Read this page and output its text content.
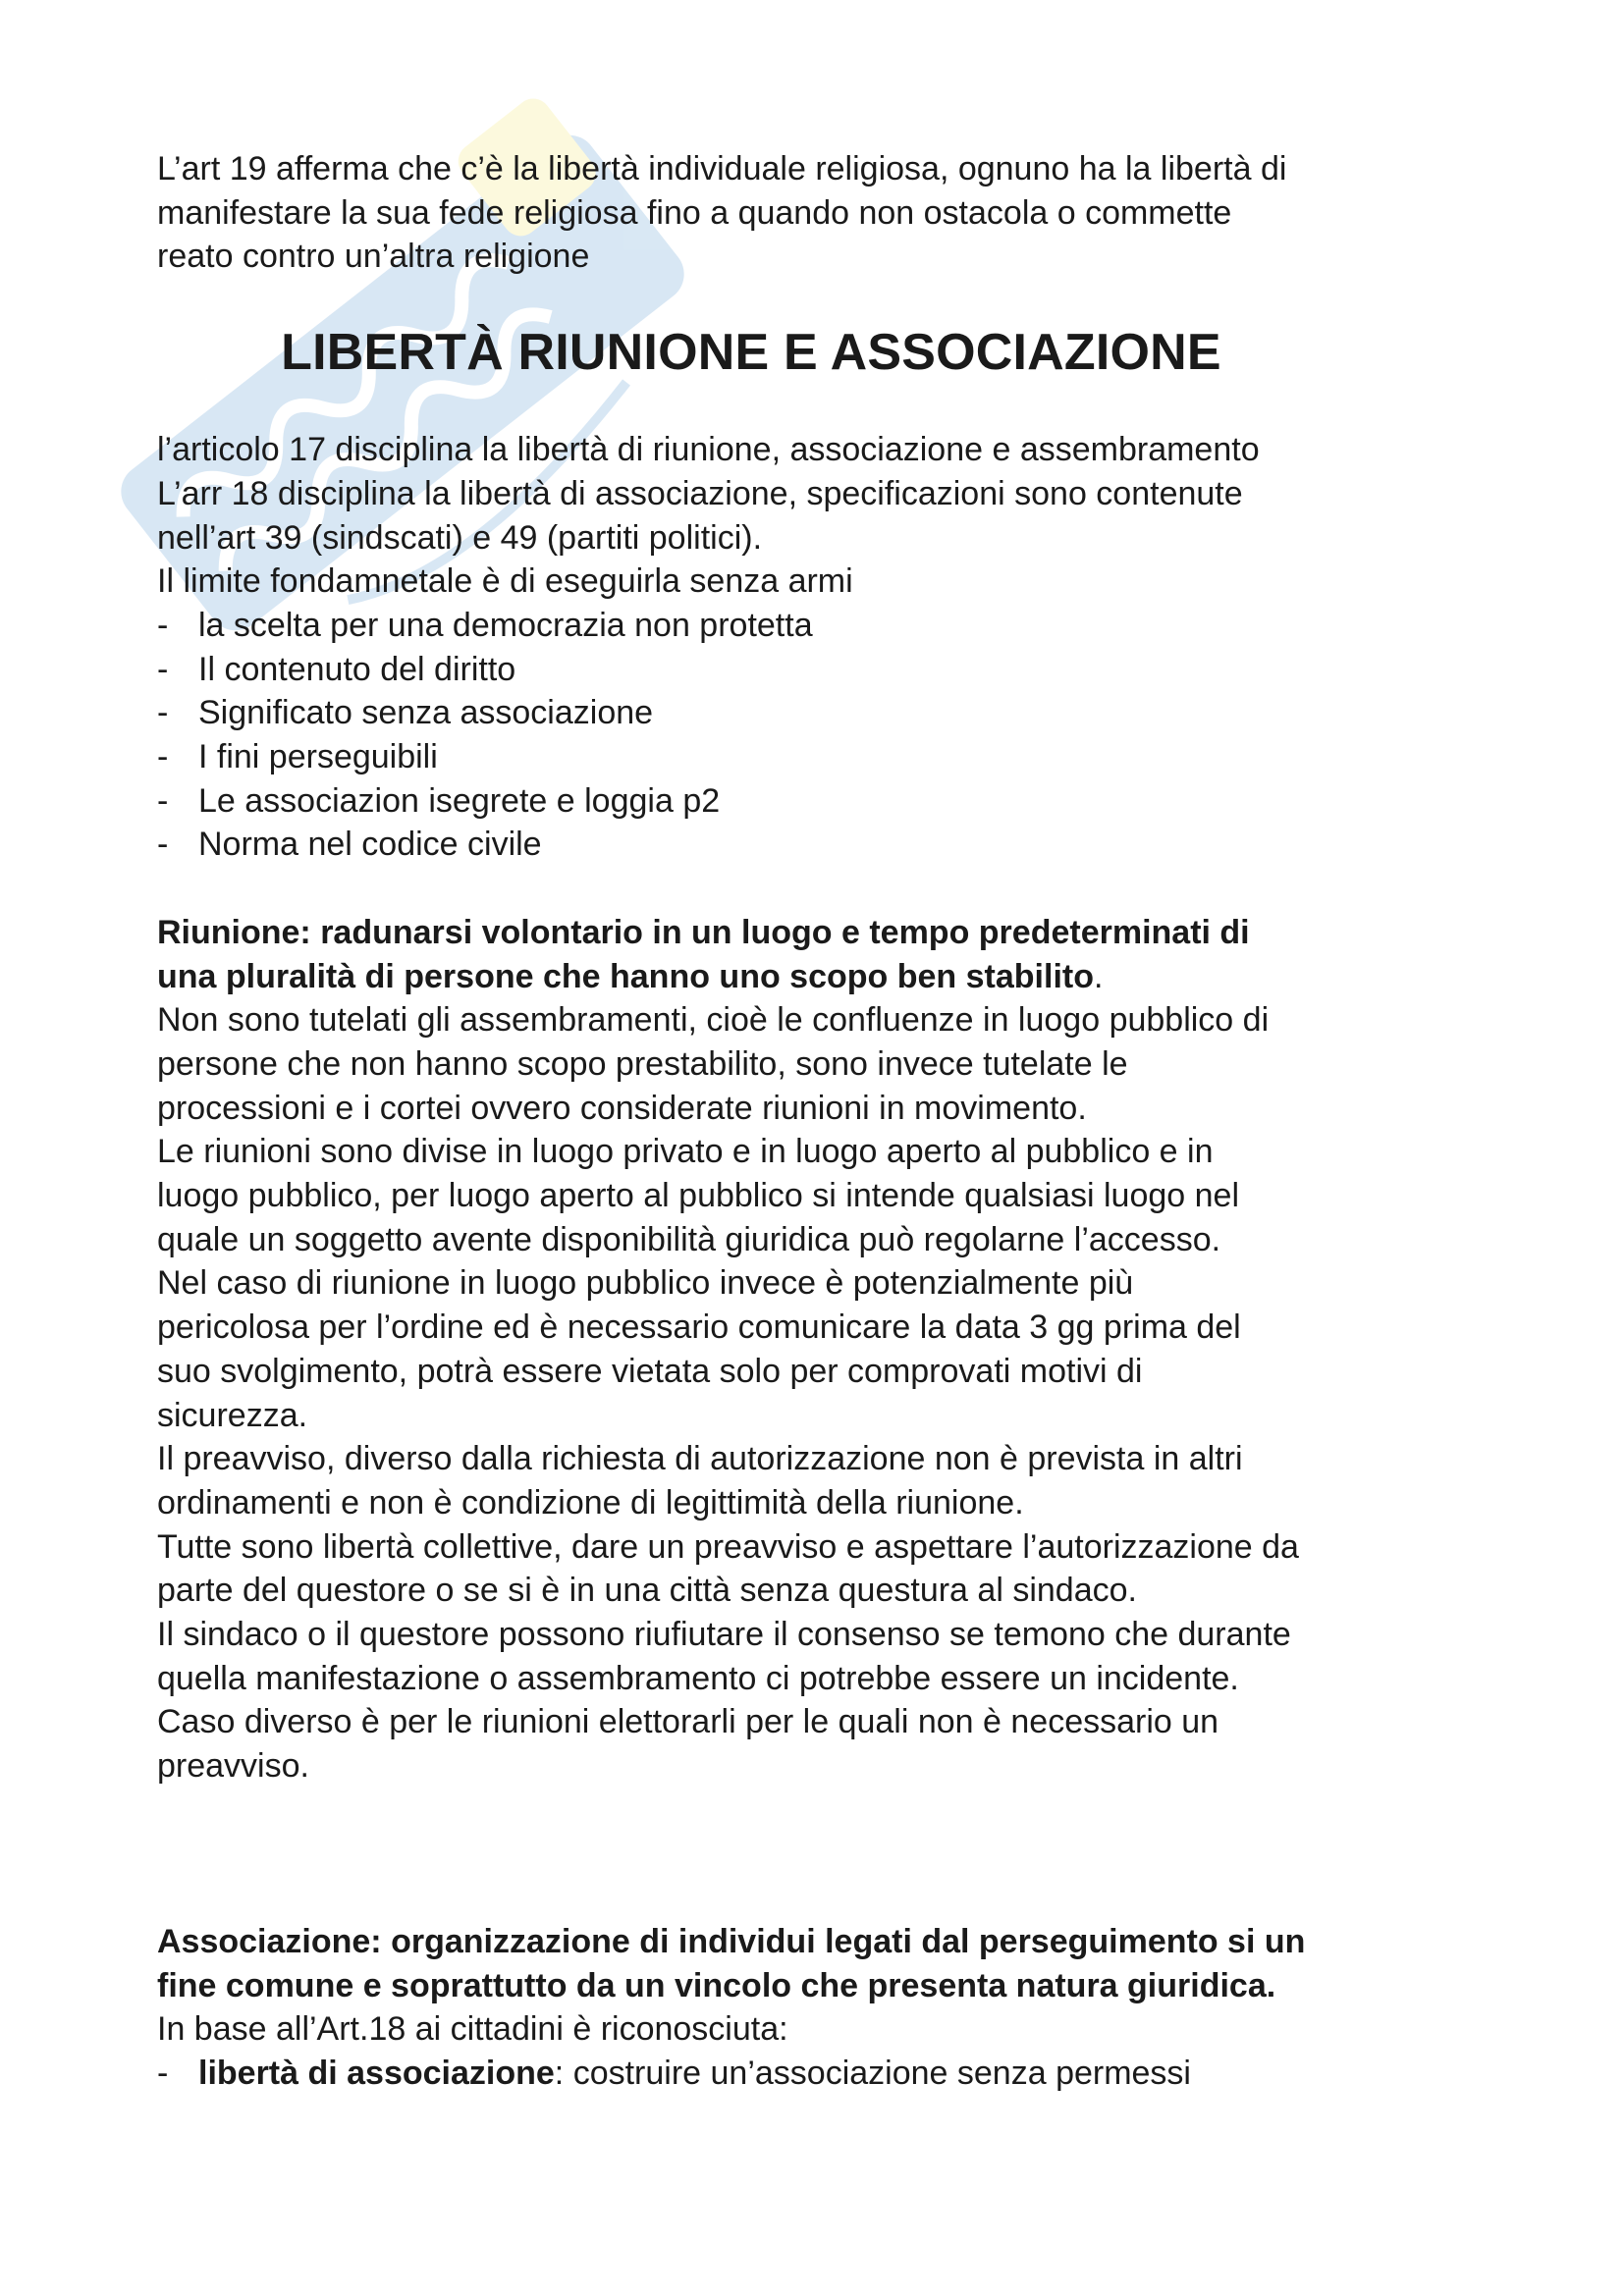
L’art 19 afferma che c’è la libertà individuale religiosa, ognuno ha la libertà di

manifestare la sua fede religiosa fino a quando non ostacola o commette

reato contro un’altra religione

LIBERTÀ RIUNIONE E ASSOCIAZIONE

l’articolo 17 disciplina la libertà di riunione, associazione e assembramento

L’arr 18 disciplina la libertà di associazione, specificazioni sono contenute

nell’art 39 (sindscati) e 49 (partiti politici).

Il limite fondamnetale è di eseguirla senza armi

- la scelta per una democrazia non protetta
- Il contenuto del diritto
- Significato senza associazione
- I fini perseguibili
- Le associazion isegrete e loggia p2
- Norma nel codice civile

Riunione: radunarsi volontario in un luogo e tempo predeterminati di

una pluralità di persone che hanno uno scopo ben stabilito.

Non sono tutelati gli assembramenti, cioè le confluenze in luogo pubblico di

persone che non hanno scopo prestabilito, sono invece tutelate le

processioni e i cortei ovvero considerate riunioni in movimento.

Le riunioni sono divise in luogo privato e in luogo aperto al pubblico e in

luogo pubblico, per luogo aperto al pubblico si intende qualsiasi luogo nel

quale un soggetto avente disponibilità giuridica può regolarne l’accesso.

Nel caso di riunione in luogo pubblico invece è potenzialmente più

pericolosa per l’ordine ed è necessario comunicare la data 3 gg prima del

suo svolgimento, potrà essere vietata solo per comprovati motivi di

sicurezza.

Il preavviso, diverso dalla richiesta di autorizzazione non è prevista in altri

ordinamenti e non è condizione di legittimità della riunione.

Tutte sono libertà collettive, dare un preavviso e aspettare l’autorizzazione da

parte del questore o se si è in una città senza questura al sindaco.

Il sindaco o il questore possono riufiutare il consenso se temono che durante

quella manifestazione o assembramento ci potrebbe essere un incidente.

Caso diverso è per le riunioni elettorarli per le quali non è necessario un

preavviso.

Associazione: organizzazione di individui legati dal perseguimento si un

fine comune e soprattutto da un vincolo che presenta natura giuridica.

In base all’Art.18 ai cittadini è riconosciuta:

- libertà di associazione: costruire un’associazione senza permessi
